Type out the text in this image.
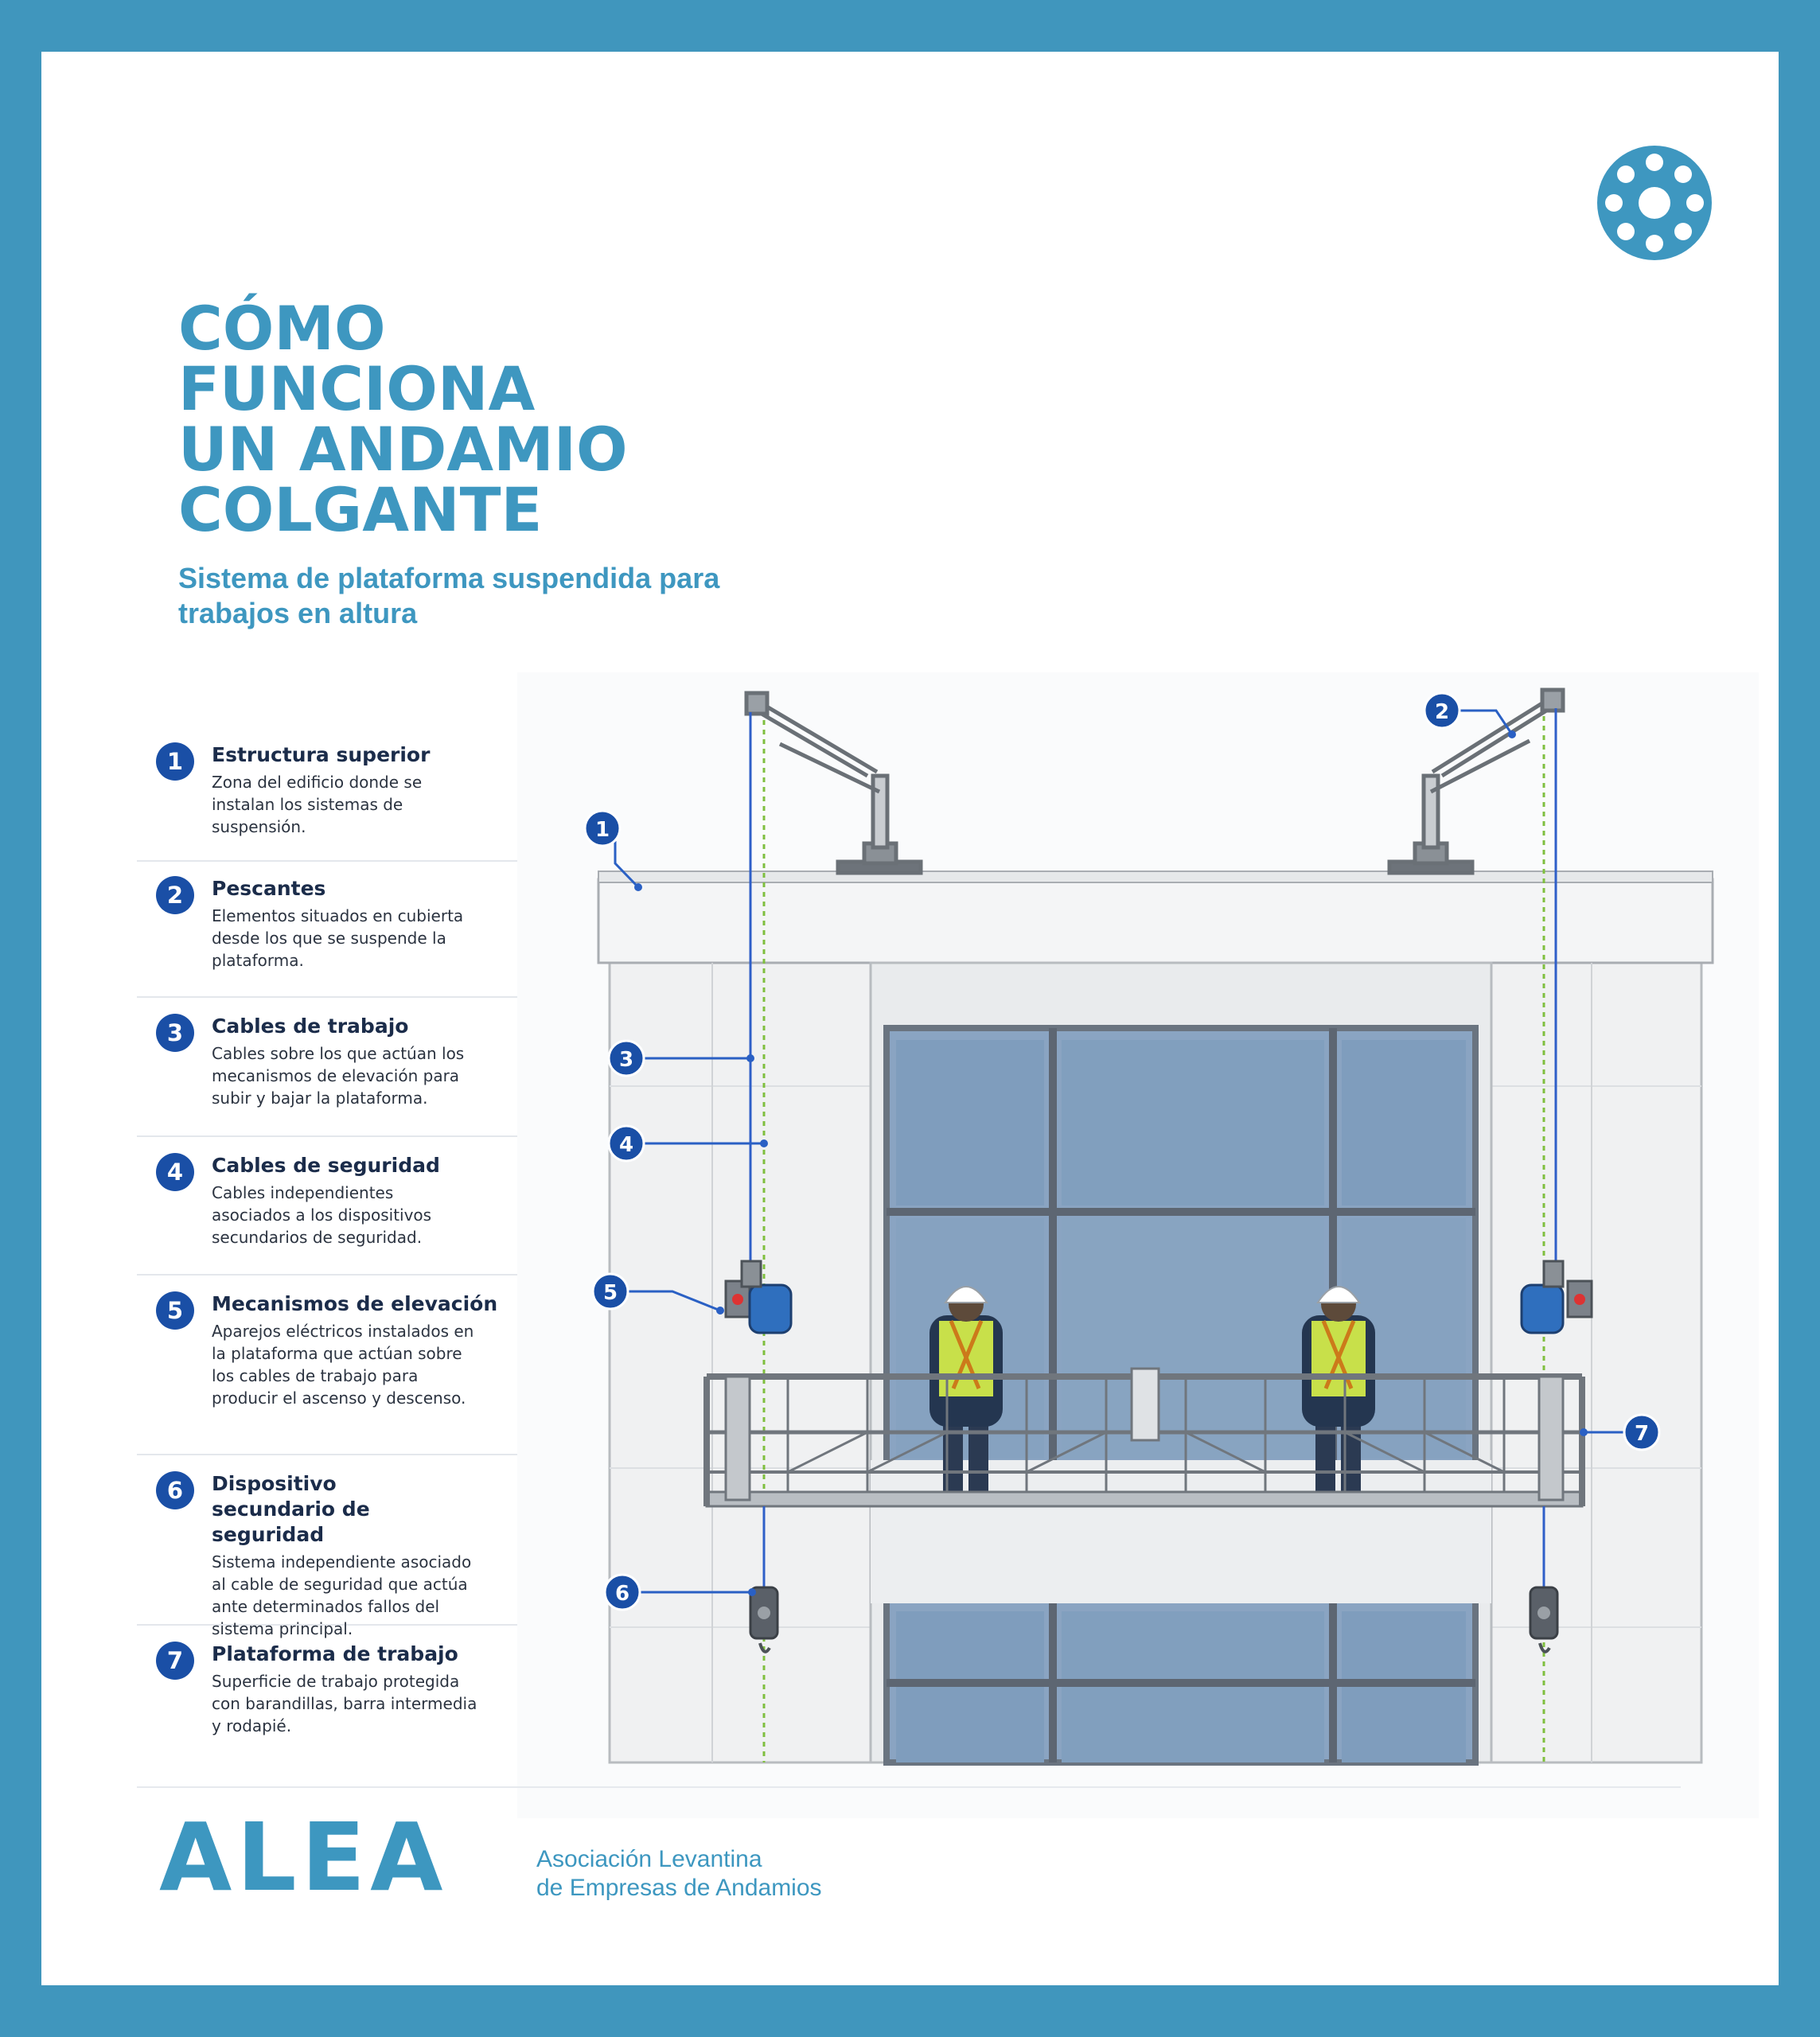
CÓMO
FUNCIONA
UN ANDAMIO
COLGANTE

Sistema de plataforma suspendida para trabajos en altura

1	Estructura superior
Zona del edificio donde se instalan los sistemas de suspensión.
2	Pescantes
Elementos situados en cubierta desde los que se suspende la plataforma.
3	Cables de trabajo
Cables sobre los que actúan los mecanismos de elevación para subir y bajar la plataforma.
4	Cables de seguridad
Cables independientes asociados a los dispositivos secundarios de seguridad.
5	Mecanismos de elevación
Aparejos eléctricos instalados en la plataforma que actúan sobre los cables de trabajo para producir el ascenso y descenso.
6	Dispositivo secundario de seguridad
Sistema independiente asociado al cable de seguridad que actúa ante determinados fallos del sistema principal.
7	Plataforma de trabajo
Superficie de trabajo protegida con barandillas, barra intermedia y rodapié.
1
2
3
4
5
6
7
ALEA	Asociación Levantina
de Empresas de Andamios
